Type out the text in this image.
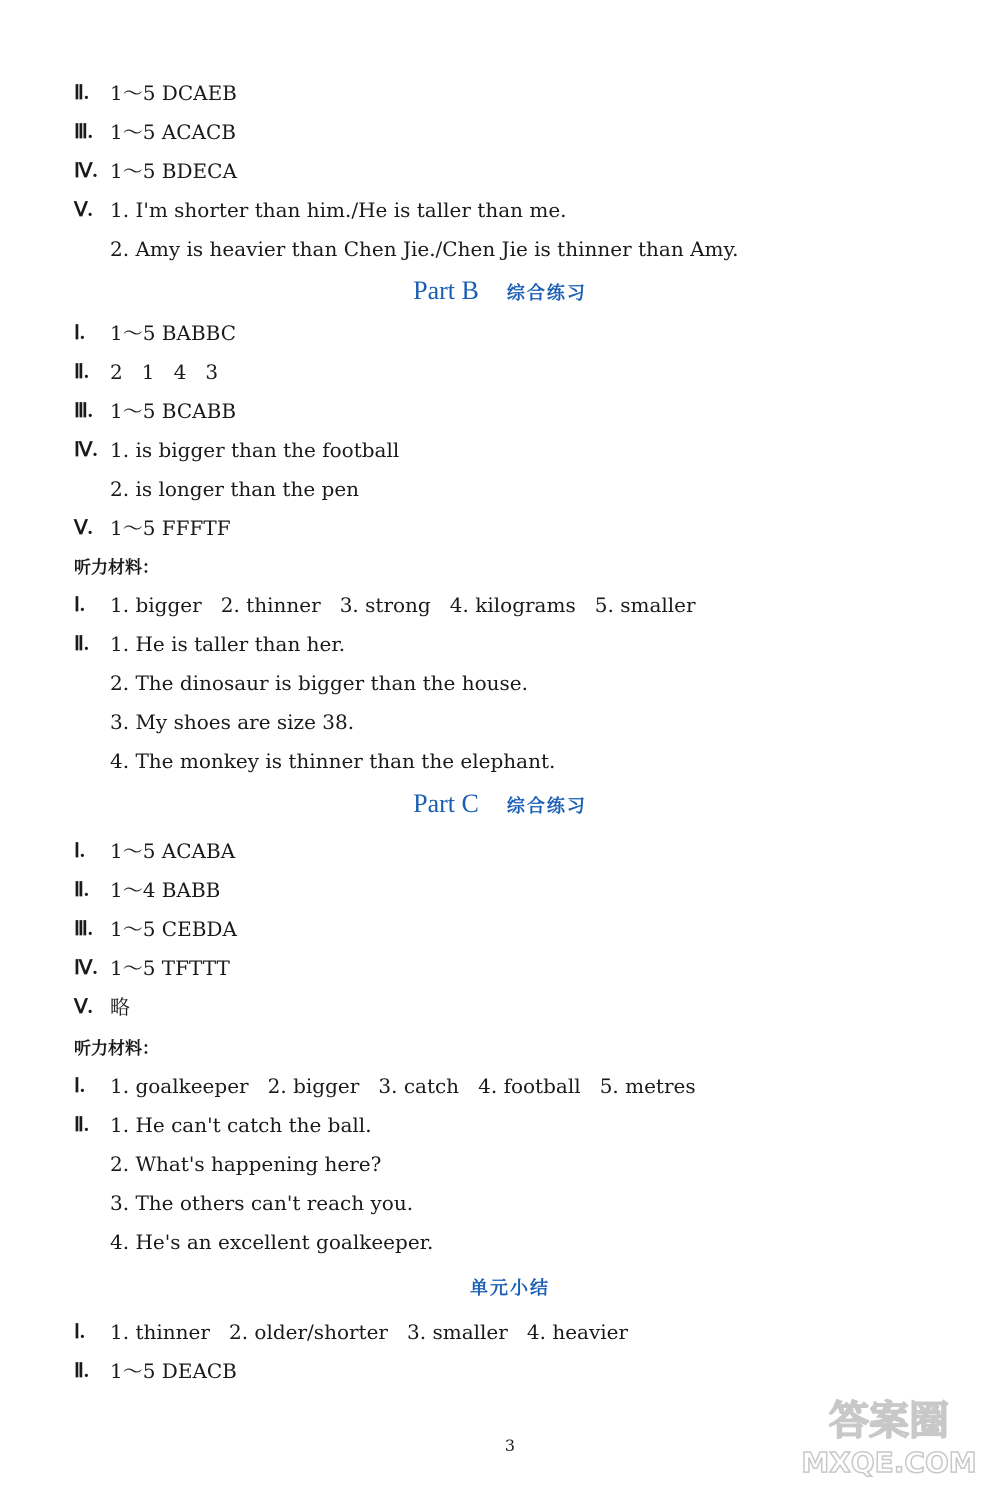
Ⅱ. 1～5 DCAEB
Ⅲ. 1～5 ACACB
Ⅳ. 1～5 BDECA
Ⅴ. 1. I'm shorter than him./He is taller than me.
2. Amy is heavier than Chen Jie./Chen Jie is thinner than Amy.
Ⅰ. 1～5 BABBC
Ⅱ. 2   1   4   3
Ⅲ. 1～5 BCABB
Ⅳ. 1. is bigger than the football
2. is longer than the pen
Ⅴ. 1～5 FFFTF
听力材料：
Ⅰ. 1. bigger   2. thinner   3. strong   4. kilograms   5. smaller
Ⅱ. 1. He is taller than her.
2. The dinosaur is bigger than the house.
3. My shoes are size 38.
4. The monkey is thinner than the elephant.
Ⅰ. 1～5 ACABA
Ⅱ. 1～4 BABB
Ⅲ. 1～5 CEBDA
Ⅳ. 1～5 TFTTT
Ⅴ. 略
听力材料：
Ⅰ. 1. goalkeeper   2. bigger   3. catch   4. football   5. metres
Ⅱ. 1. He can't catch the ball.
2. What's happening here?
3. The others can't reach you.
4. He's an excellent goalkeeper.
Ⅰ. 1. thinner   2. older/shorter   3. smaller   4. heavier
Ⅱ. 1～5 DEACB
Part B 综合练习
Part C 综合练习
单元小结
3
答案圈
MXQE.COM
